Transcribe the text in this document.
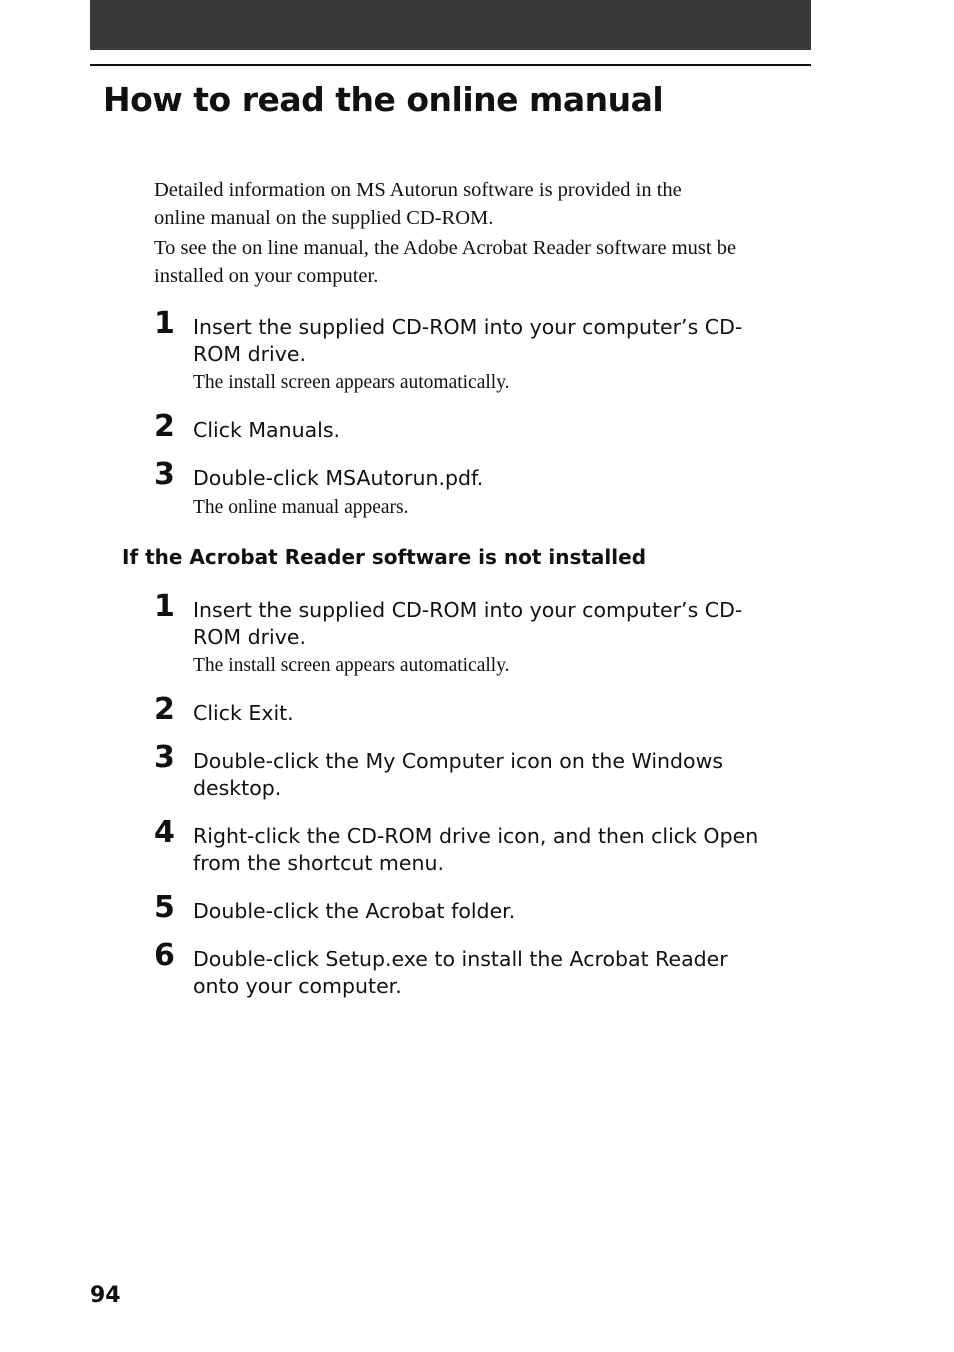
How to read the online manual

Detailed information on MS Autorun software is provided in the
online manual on the supplied CD-ROM.

To see the on line manual, the Adobe Acrobat Reader software must be
installed on your computer.

1 Insert the supplied CD-ROM into your computer’s CD-
ROM drive.
The install screen appears automatically.
2 Click Manuals.
3 Double-click MSAutorun.pdf.
The online manual appears.
If the Acrobat Reader software is not installed
1 Insert the supplied CD-ROM into your computer’s CD-
ROM drive.
The install screen appears automatically.
2 Click Exit.
3 Double-click the My Computer icon on the Windows
desktop.
4 Right-click the CD-ROM drive icon, and then click Open
from the shortcut menu.
5 Double-click the Acrobat folder.
6 Double-click Setup.exe to install the Acrobat Reader
onto your computer.
94
